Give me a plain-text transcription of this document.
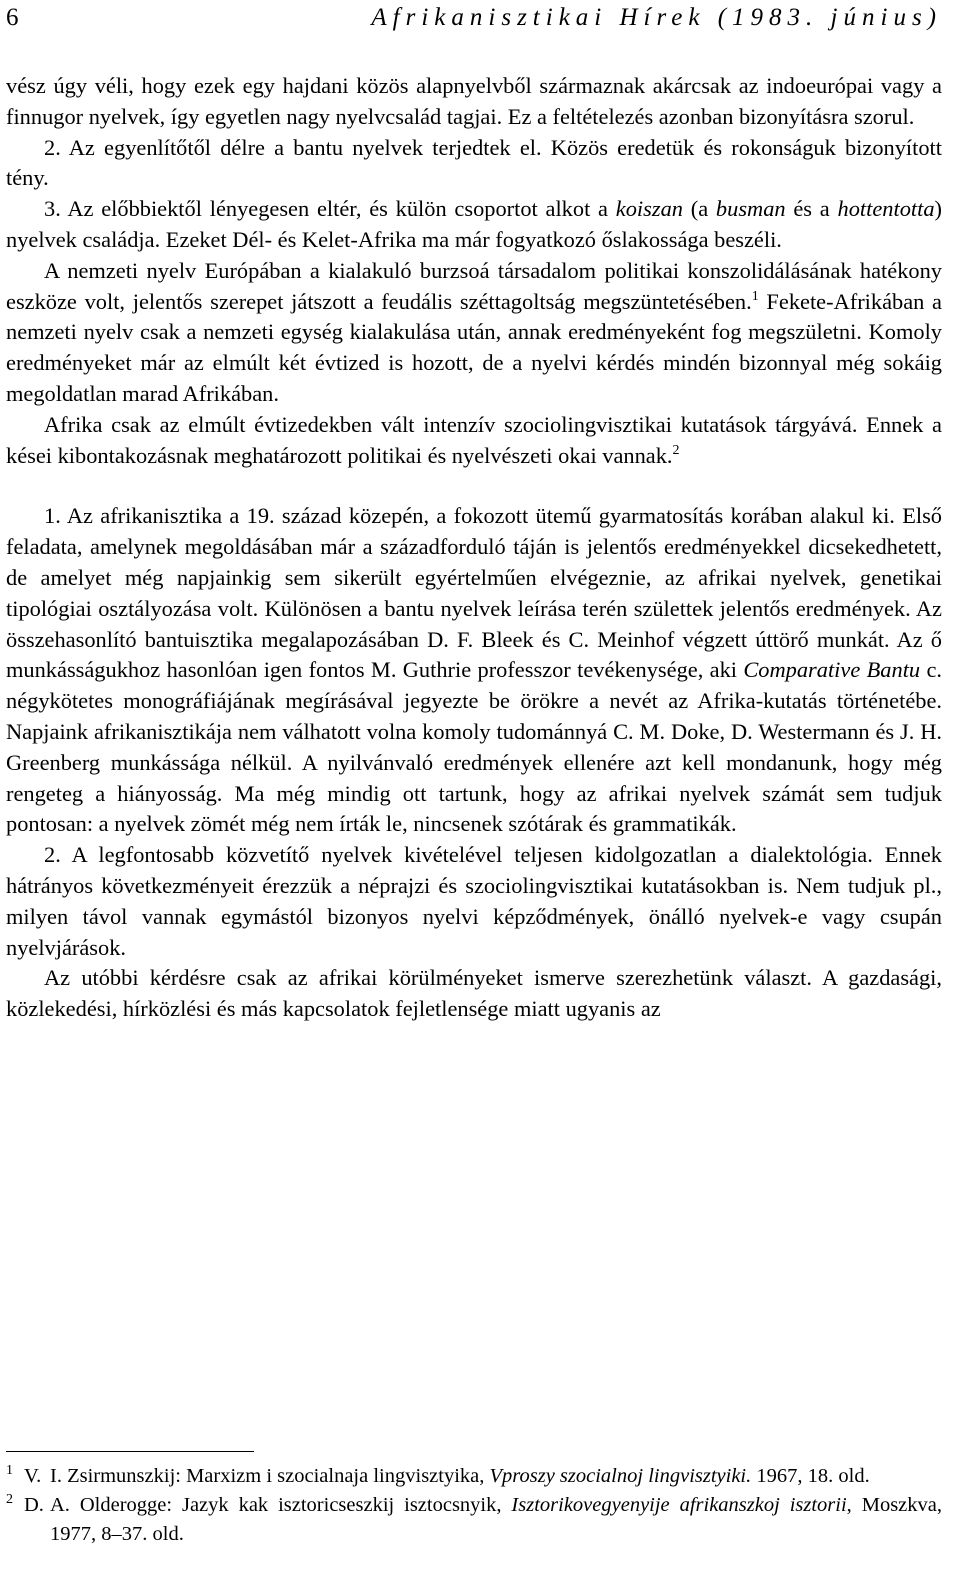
6	Afrikanisztikai Hírek (1983. június)

vész úgy véli, hogy ezek egy hajdani közös alapnyelvből származnak akárcsak az indoeurópai vagy a finnugor nyelvek, így egyetlen nagy nyelvcsalád tagjai. Ez a feltételezés azonban bizonyításra szorul.

2. Az egyenlítőtől délre a bantu nyelvek terjedtek el. Közös eredetük és rokonságuk bizonyított tény.

3. Az előbbiektől lényegesen eltér, és külön csoportot alkot a koiszan (a busman és a hottentotta) nyelvek családja. Ezeket Dél- és Kelet-Afrika ma már fogyatkozó őslakossága beszéli.

A nemzeti nyelv Európában a kialakuló burzsoá társadalom politikai konszolidálásának hatékony eszköze volt, jelentős szerepet játszott a feudális széttagoltság megszüntetésében.$^1$ Fekete-Afrikában a nemzeti nyelv csak a nemzeti egység kialakulása után, annak eredményeként fog megszületni. Komoly eredményeket már az elmúlt két évtized is hozott, de a nyelvi kérdés mindén bizonnyal még sokáig megoldatlan marad Afrikában.

Afrika csak az elmúlt évtizedekben vált intenzív szociolingvisztikai kutatások tárgyává. Ennek a kései kibontakozásnak meghatározott politikai és nyelvészeti okai vannak.$^2$

1. Az afrikanisztika a 19. század közepén, a fokozott ütemű gyarmatosítás korában alakul ki. Első feladata, amelynek megoldásában már a századforduló táján is jelentős eredményekkel dicsekedhetett, de amelyet még napjainkig sem sikerült egyértelműen elvégeznie, az afrikai nyelvek, genetikai tipológiai osztályozása volt. Különösen a bantu nyelvek leírása terén születtek jelentős eredmények. Az összehasonlító bantuisztika megalapozásában D. F. Bleek és C. Meinhof végzett úttörő munkát. Az ő munkásságukhoz hasonlóan igen fontos M. Guthrie professzor tevékenysége, aki Comparative Bantu c. négykötetes monográfiájának megírásával jegyezte be örökre a nevét az Afrika-kutatás történetébe. Napjaink afrikanisztikája nem válhatott volna komoly tudománnyá C. M. Doke, D. Westermann és J. H. Greenberg munkássága nélkül. A nyilvánvaló eredmények ellenére azt kell mondanunk, hogy még rengeteg a hiányosság. Ma még mindig ott tartunk, hogy az afrikai nyelvek számát sem tudjuk pontosan: a nyelvek zömét még nem írták le, nincsenek szótárak és grammatikák.

2. A legfontosabb közvetítő nyelvek kivételével teljesen kidolgozatlan a dialektológia. Ennek hátrányos következményeit érezzük a néprajzi és szociolingvisztikai kutatásokban is. Nem tudjuk pl., milyen távol vannak egymástól bizonyos nyelvi képződmények, önálló nyelvek-e vagy csupán nyelvjárások.

Az utóbbi kérdésre csak az afrikai körülményeket ismerve szerezhetünk választ. A gazdasági, közlekedési, hírközlési és más kapcsolatok fejletlensége miatt ugyanis az

1 V. I. Zsirmunszkij: Marxizm i szocialnaja lingvisztyika, Vproszy szocialnoj lingvisztyiki. 1967, 18. old.
2 D. A. Olderogge: Jazyk kak isztoricseszkij isztocsnyik, Isztorikovegyenyije afrikanszkoj isztorii, Moszkva, 1977, 8–37. old.
